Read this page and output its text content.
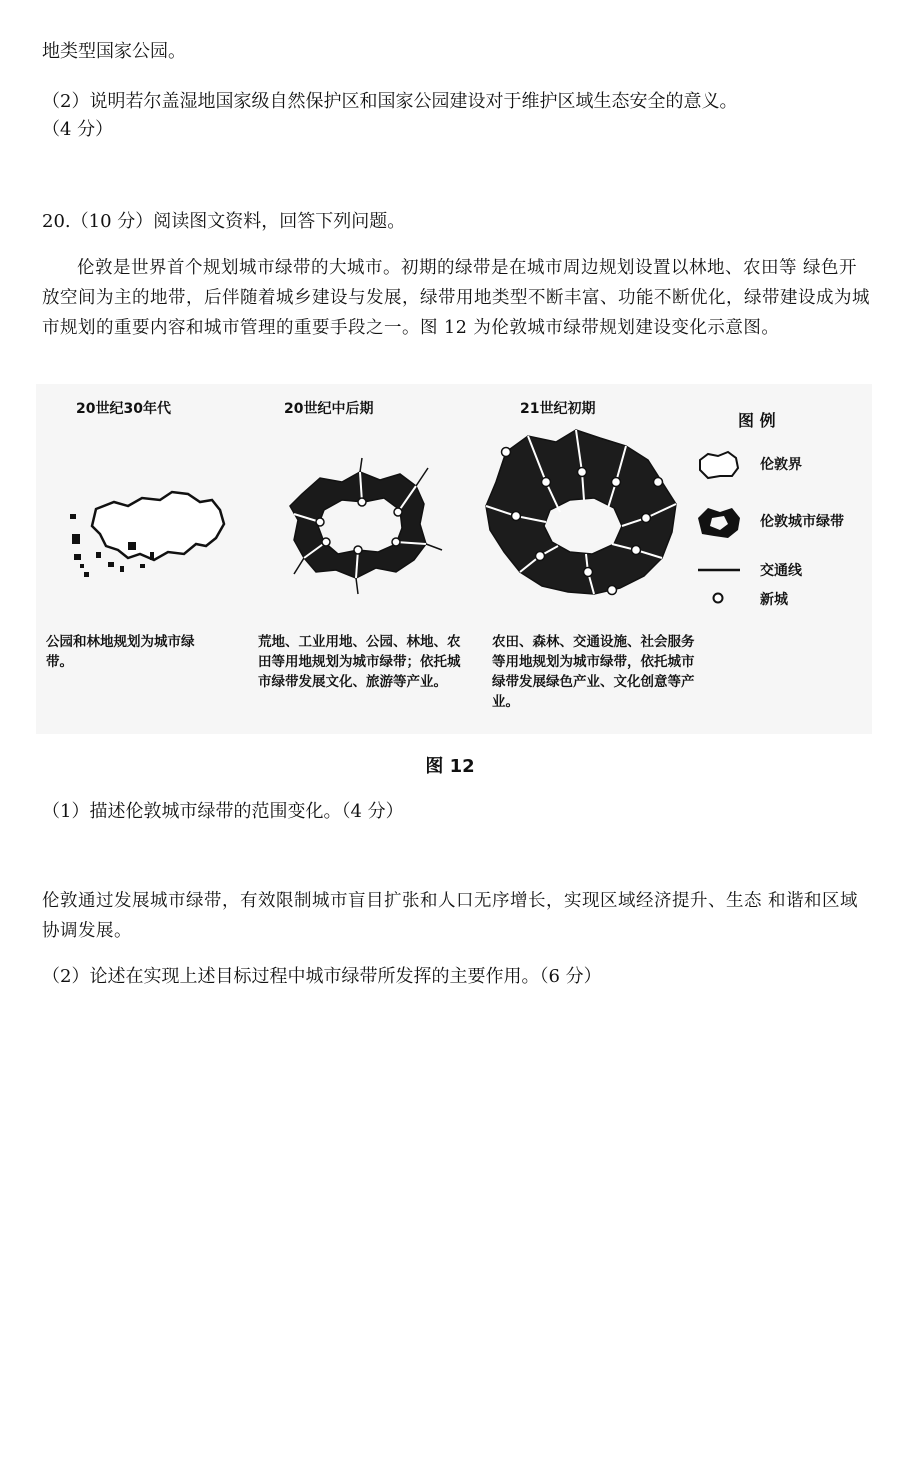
地类型国家公园。
（2）说明若尔盖湿地国家级自然保护区和国家公园建设对于维护区域生态安全的意义。
（4 分）
20.（10 分）阅读图文资料，回答下列问题。
伦敦是世界首个规划城市绿带的大城市。初期的绿带是在城市周边规划设置以林地、农田等 绿色开放空间为主的地带，后伴随着城乡建设与发展，绿带用地类型不断丰富、功能不断优化，绿带建设成为城市规划的重要内容和城市管理的重要手段之一。图 12 为伦敦城市绿带规划建设变化示意图。
20世纪30年代
公园和林地规划为城市绿带。
20世纪中后期
荒地、工业用地、公园、林地、农田等用地规划为城市绿带；依托城市绿带发展文化、旅游等产业。
21世纪初期
农田、森林、交通设施、社会服务等用地规划为城市绿带，依托城市绿带发展绿色产业、文化创意等产业。
图 例
伦敦界
伦敦城市绿带
交通线
新城
图 12
（1）描述伦敦城市绿带的范围变化。（4 分）
伦敦通过发展城市绿带，有效限制城市盲目扩张和人口无序增长，实现区域经济提升、生态 和谐和区域协调发展。
（2）论述在实现上述目标过程中城市绿带所发挥的主要作用。（6 分）
